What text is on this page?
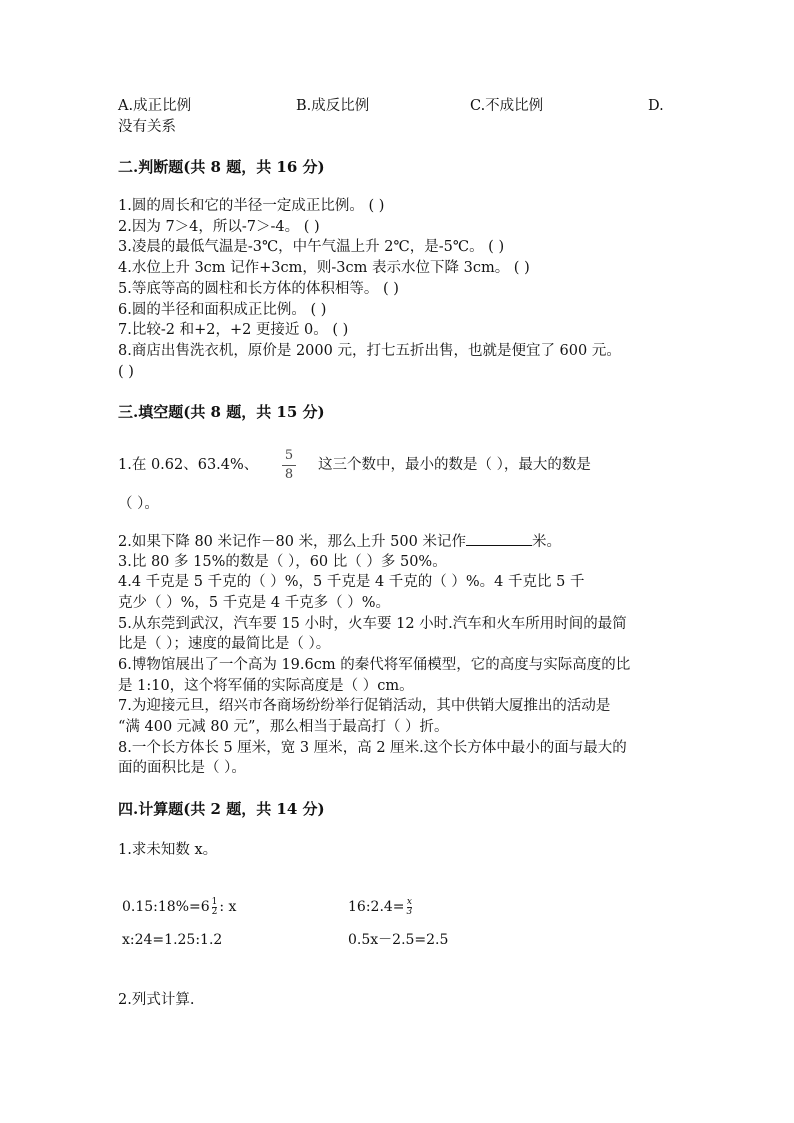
A.成正比例	B.成反比例	C.不成比例	D.
没有关系
二.判断题(共 8 题，共 16 分)
1.圆的周长和它的半径一定成正比例。 ( )
2.因为 7＞4，所以-7＞-4。 ( )
3.凌晨的最低气温是-3℃，中午气温上升 2℃，是-5℃。 ( )
4.水位上升 3cm 记作+3cm，则-3cm 表示水位下降 3cm。 ( )
5.等底等高的圆柱和长方体的体积相等。 ( )
6.圆的半径和面积成正比例。 ( )
7.比较-2 和+2，+2 更接近 0。 ( )
8.商店出售洗衣机，原价是 2000 元，打七五折出售，也就是便宜了 600 元。
( )
三.填空题(共 8 题，共 15 分)
1.在 0.62、63.4%、
5
8
这三个数中，最小的数是（ ），最大的数是
（ ）。
2.如果下降 80 米记作－80 米，那么上升 500 米记作	米。
3.比 80 多 15%的数是（ ），60 比（ ）多 50%。
4.4 千克是 5 千克的（ ）%，5 千克是 4 千克的（ ）%。4 千克比 5 千
克少（ ）%，5 千克是 4 千克多（ ）%。
5.从东莞到武汉，汽车要 15 小时，火车要 12 小时.汽车和火车所用时间的最简
比是（ ）；速度的最简比是（ ）。
6.博物馆展出了一个高为 19.6cm 的秦代将军俑模型，它的高度与实际高度的比
是 1:10，这个将军俑的实际高度是（ ）cm。
7.为迎接元旦，绍兴市各商场纷纷举行促销活动，其中供销大厦推出的活动是
“满 400 元减 80 元”，那么相当于最高打（ ）折。
8.一个长方体长 5 厘米，宽 3 厘米，高 2 厘米.这个长方体中最小的面与最大的
面的面积比是（ ）。
四.计算题(共 2 题，共 14 分)
1.求未知数 x。
0.15:18%=6 $\frac{1}{2}$ : x	16:2.4= $\frac{x}{3}$
x:24=1.25:1.2	0.5x－2.5=2.5
2.列式计算.
